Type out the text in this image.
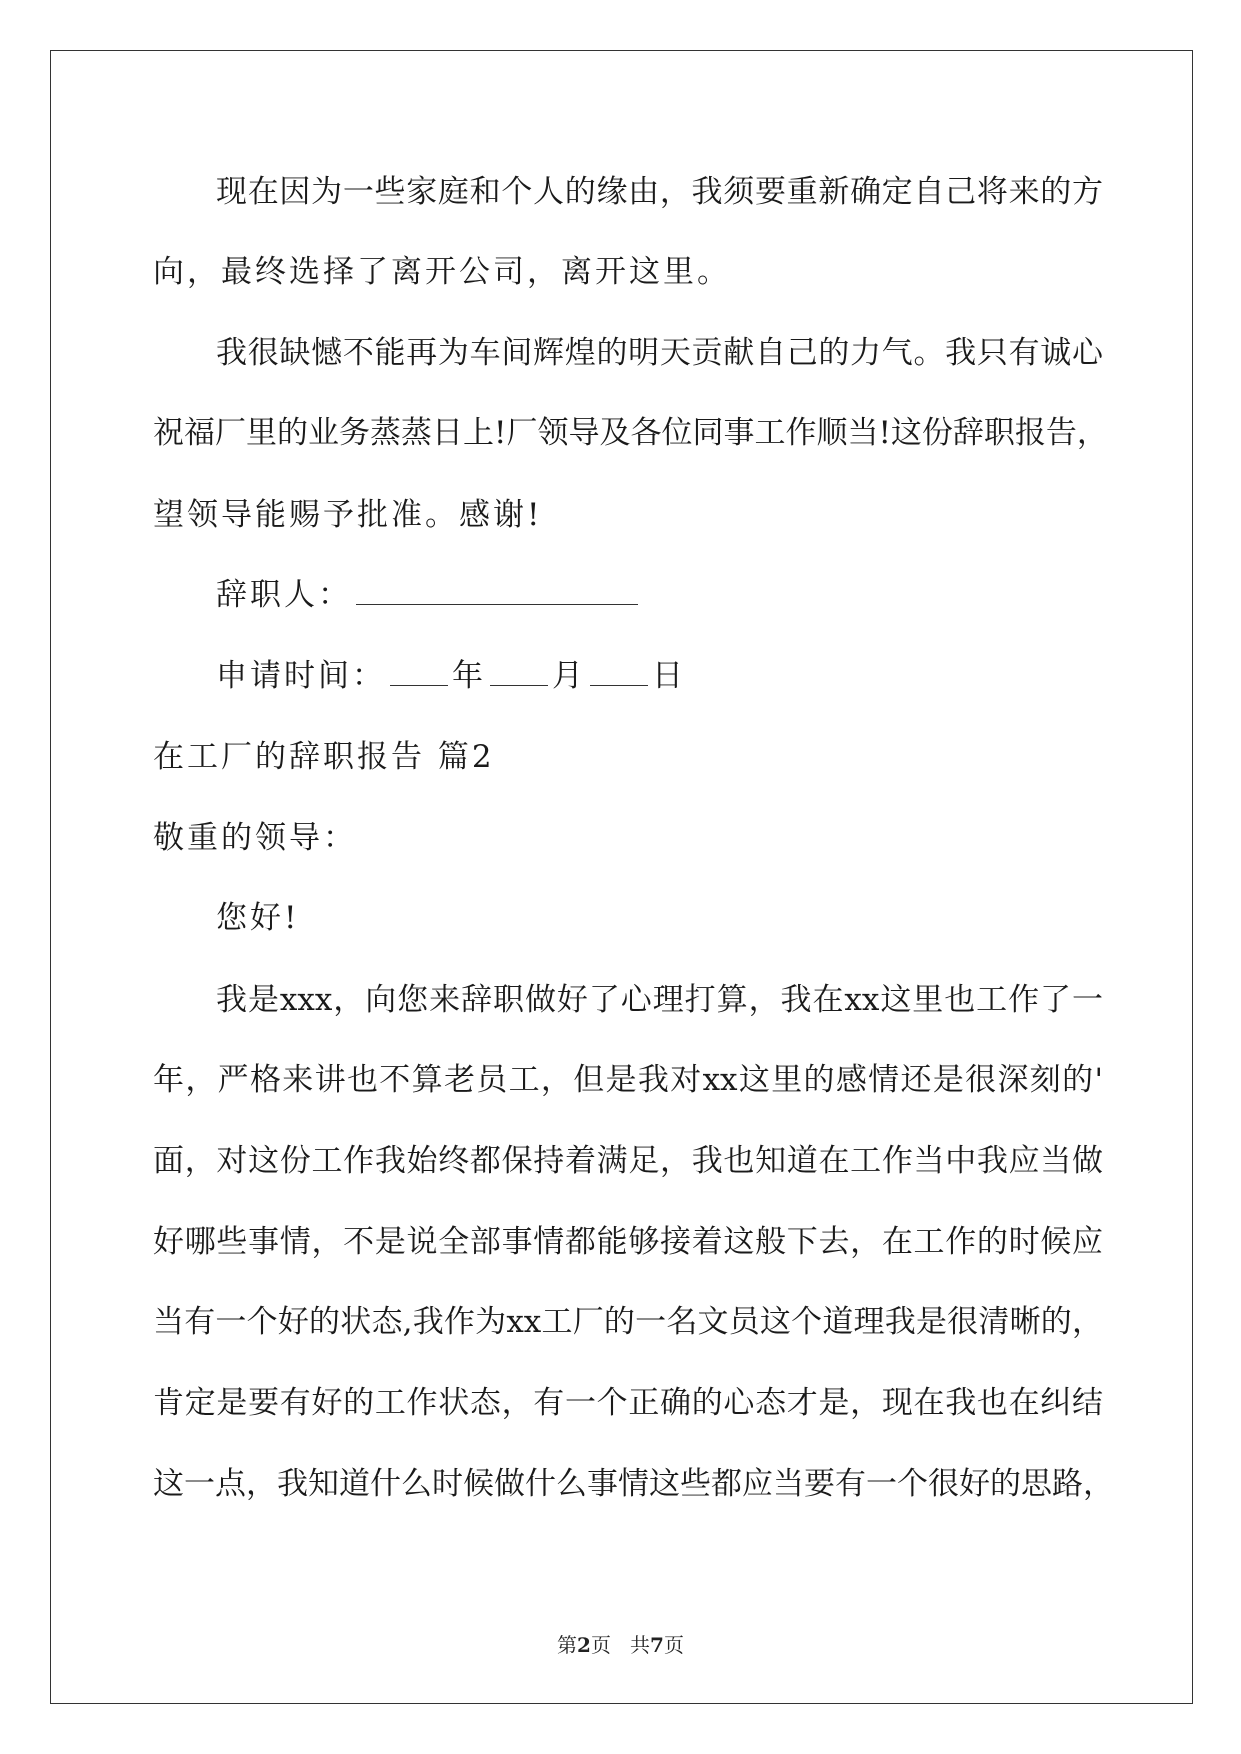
现在因为一些家庭和个人的缘由，我须要重新确定自己将来的方
向，最终选择了离开公司，离开这里。
我很缺憾不能再为车间辉煌的明天贡献自己的力气。我只有诚心
祝福厂里的业务蒸蒸日上!厂领导及各位同事工作顺当!这份辞职报告，
望领导能赐予批准。感谢!
辞职人：
申请时间： 年 月 日
在工厂的辞职报告 篇2
敬重的领导：
您好!
我是xxx，向您来辞职做好了心理打算，我在xx这里也工作了一
年，严格来讲也不算老员工，但是我对xx这里的感情还是很深刻的'
面，对这份工作我始终都保持着满足，我也知道在工作当中我应当做
好哪些事情，不是说全部事情都能够接着这般下去，在工作的时候应
当有一个好的状态,我作为xx工厂的一名文员这个道理我是很清晰的，
肯定是要有好的工作状态，有一个正确的心态才是，现在我也在纠结
这一点，我知道什么时候做什么事情这些都应当要有一个很好的思路，
第2页 共7页
